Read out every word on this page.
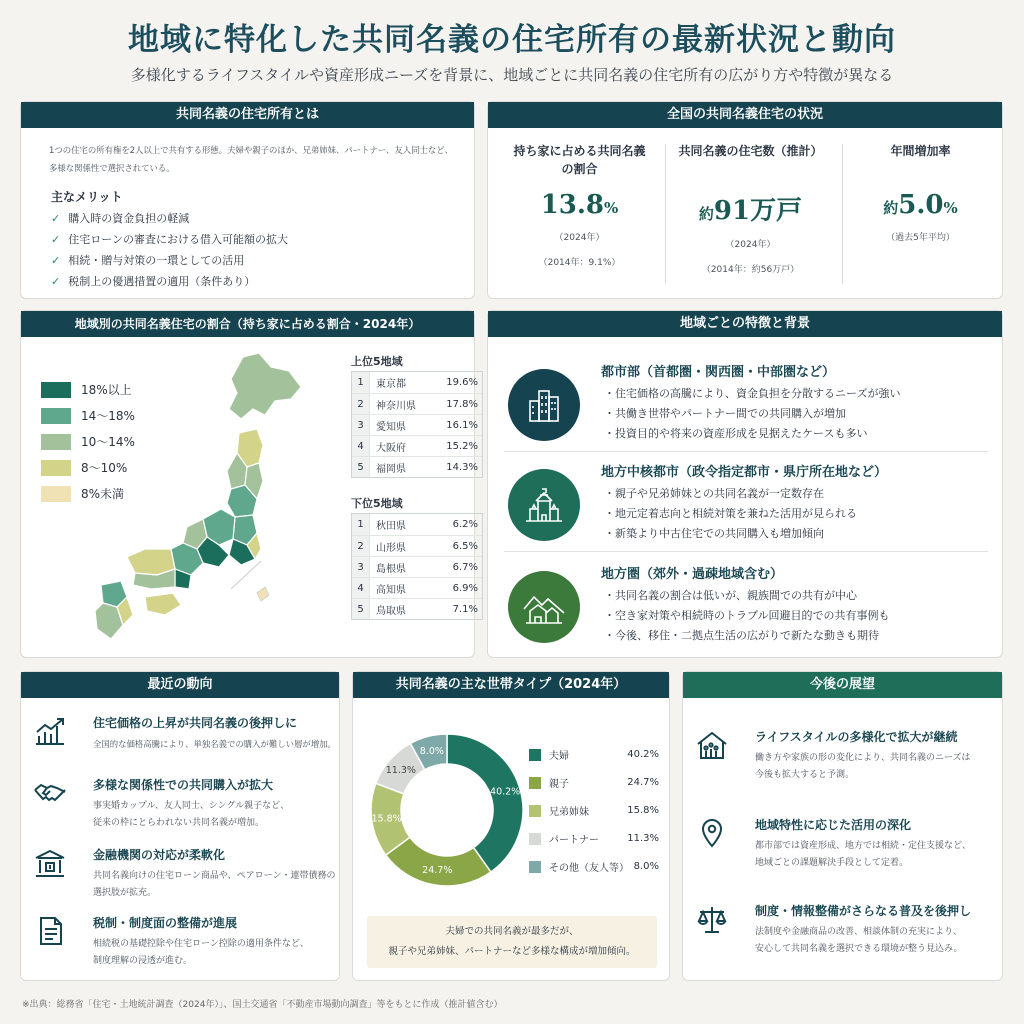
地域に特化した共同名義の住宅所有の最新状況と動向
多様化するライフスタイルや資産形成ニーズを背景に、地域ごとに共同名義の住宅所有の広がり方や特徴が異なる
共同名義の住宅所有とは
1つの住宅の所有権を2人以上で共有する形態。夫婦や親子のほか、兄弟姉妹、パートナー、友人同士など、
多様な関係性で選択されている。
主なメリット
✓ 購入時の資金負担の軽減
✓ 住宅ローンの審査における借入可能額の拡大
✓ 相続・贈与対策の一環としての活用
✓ 税制上の優遇措置の適用（条件あり）
全国の共同名義住宅の状況
持ち家に占める共同名義
の割合
13.8%
（2024年）
（2014年：9.1%）
共同名義の住宅数（推計）
約91万戸
（2024年）
（2014年：約56万戸）
年間増加率
約5.0%
（過去5年平均）
地域別の共同名義住宅の割合（持ち家に占める割合・2024年）
18%以上
14〜18%
10〜14%
8〜10%
8%未満
上位5地域
1	東京都	19.6%
2	神奈川県	17.8%
3	愛知県	16.1%
4	大阪府	15.2%
5	福岡県	14.3%
下位5地域
1	秋田県	6.2%
2	山形県	6.5%
3	島根県	6.7%
4	高知県	6.9%
5	鳥取県	7.1%
地域ごとの特徴と背景
都市部（首都圏・関西圏・中部圏など）
・住宅価格の高騰により、資金負担を分散するニーズが強い
・共働き世帯やパートナー間での共同購入が増加
・投資目的や将来の資産形成を見据えたケースも多い
地方中核都市（政令指定都市・県庁所在地など）
・親子や兄弟姉妹との共同名義が一定数存在
・地元定着志向と相続対策を兼ねた活用が見られる
・新築より中古住宅での共同購入も増加傾向
地方圏（郊外・過疎地域含む）
・共同名義の割合は低いが、親族間での共有が中心
・空き家対策や相続時のトラブル回避目的での共有事例も
・今後、移住・二拠点生活の広がりで新たな動きも期待
最近の動向
住宅価格の上昇が共同名義の後押しに
全国的な価格高騰により、単独名義での購入が難しい層が増加。
多様な関係性での共同購入が拡大
事実婚カップル、友人同士、シングル親子など、
従来の枠にとらわれない共同名義が増加。
金融機関の対応が柔軟化
共同名義向けの住宅ローン商品や、ペアローン・連帯債務の
選択肢が拡充。
税制・制度面の整備が進展
相続税の基礎控除や住宅ローン控除の適用条件など、
制度理解の浸透が進む。
共同名義の主な世帯タイプ（2024年）
40.2%
24.7%
15.8%
11.3%
8.0%	夫婦	40.2%
親子	24.7%
兄弟姉妹	15.8%
パートナー	11.3%
その他（友人等） 8.0%
夫婦での共同名義が最多だが、
親子や兄弟姉妹、パートナーなど多様な構成が増加傾向。
今後の展望
ライフスタイルの多様化で拡大が継続
働き方や家族の形の変化により、共同名義のニーズは
今後も拡大すると予測。
地域特性に応じた活用の深化
都市部では資産形成、地方では相続・定住支援など、
地域ごとの課題解決手段として定着。
制度・情報整備がさらなる普及を後押し
法制度や金融商品の改善、相談体制の充実により、
安心して共同名義を選択できる環境が整う見込み。
※出典：総務省「住宅・土地統計調査（2024年）」、国土交通省「不動産市場動向調査」等をもとに作成（推計値含む）
